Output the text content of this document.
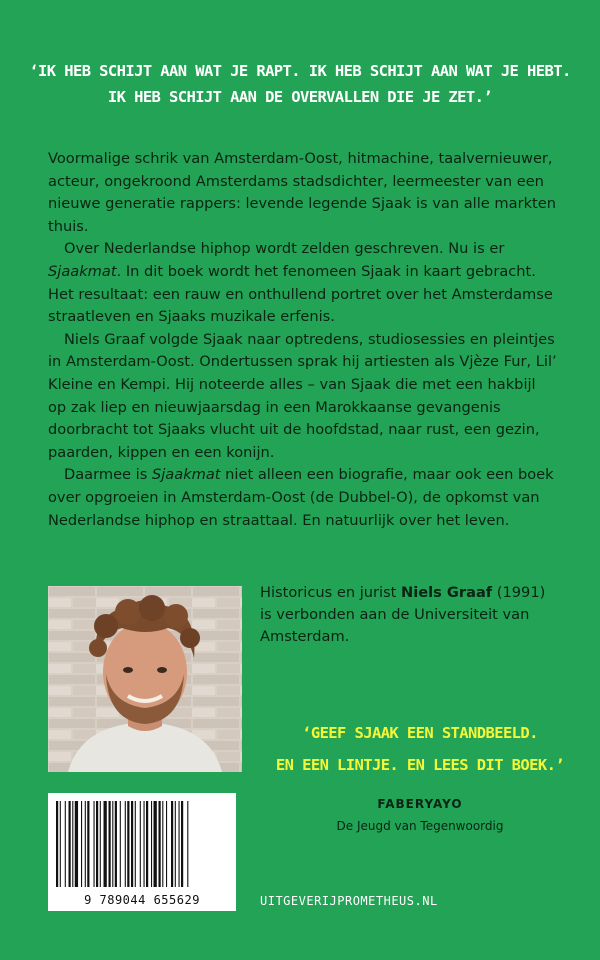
‘IK HEB SCHIJT AAN WAT JE RAPT. IK HEB SCHIJT AAN WAT JE HEBT.
IK HEB SCHIJT AAN DE OVERVALLEN DIE JE ZET.’

Voormalige schrik van Amsterdam-Oost, hitmachine, taalvernieuwer, acteur, ongekroond Amsterdams stadsdichter, leermeester van een nieuwe generatie rappers: levende legende Sjaak is van alle markten thuis.

Over Nederlandse hiphop wordt zelden geschreven. Nu is er Sjaakmat. In dit boek wordt het fenomeen Sjaak in kaart gebracht. Het resultaat: een rauw en onthullend portret over het Amsterdamse straatleven en Sjaaks muzikale erfenis.

Niels Graaf volgde Sjaak naar optredens, studiosessies en pleintjes in Amsterdam-Oost. Ondertussen sprak hij artiesten als Vjèze Fur, Lil’ Kleine en Kempi. Hij noteerde alles – van Sjaak die met een hakbijl op zak liep en nieuwjaarsdag in een Marokkaanse gevangenis doorbracht tot Sjaaks vlucht uit de hoofdstad, naar rust, een gezin, paarden, kippen en een konijn.

Daarmee is Sjaakmat niet alleen een biografie, maar ook een boek over opgroeien in Amsterdam-Oost (de Dubbel-O), de opkomst van Nederlandse hiphop en straattaal. En natuurlijk over het leven.

Historicus en jurist Niels Graaf (1991) is verbonden aan de Universiteit van Amsterdam.
‘GEEF SJAAK EEN STANDBEELD.
EN EEN LINTJE. EN LEES DIT BOEK.’
FABERYAYO
De Jeugd van Tegenwoordig
9 789044 655629	UITGEVERIJPROMETHEUS.NL
